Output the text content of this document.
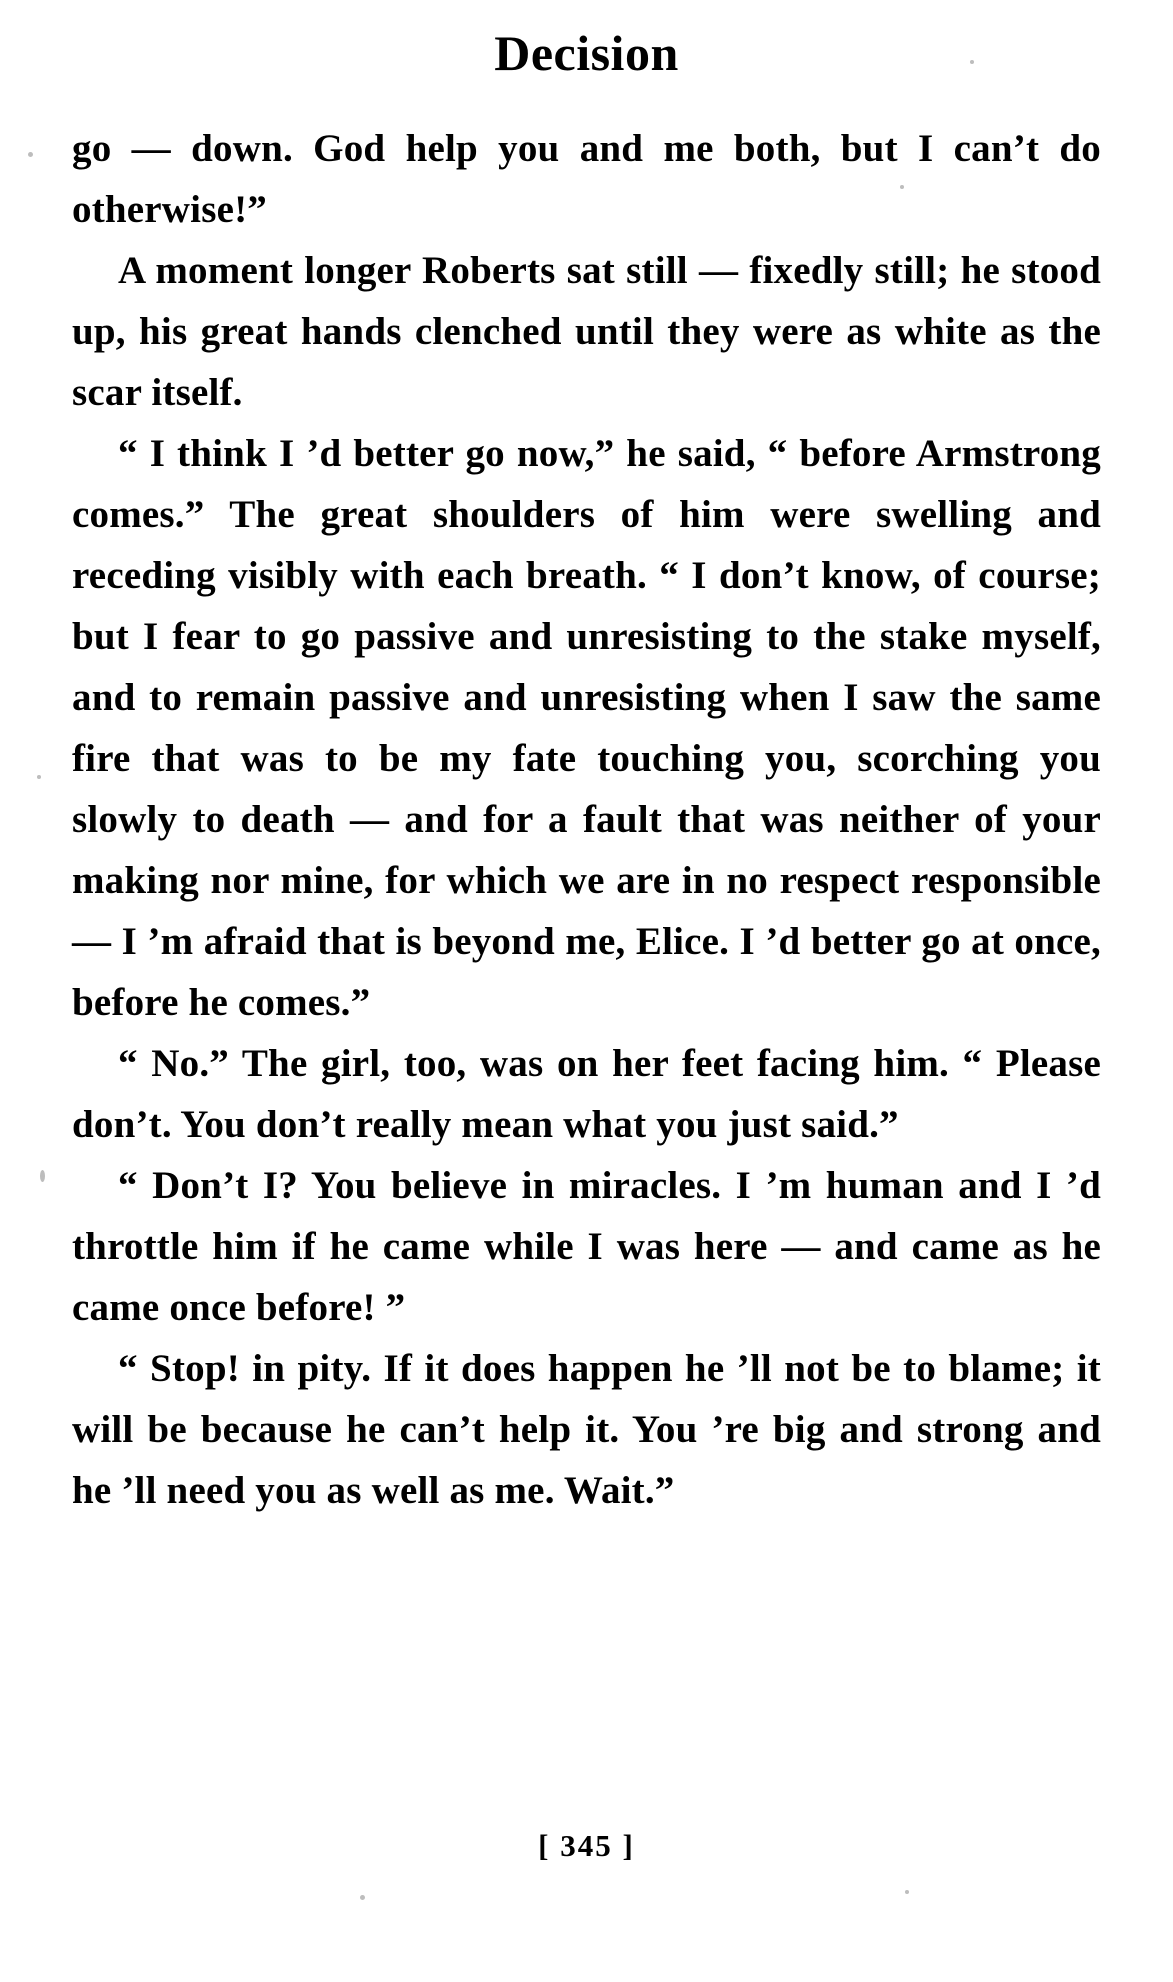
Decision

go — down. God help you and me both, but I can’t do otherwise!”

A moment longer Roberts sat still — fixedly still; he stood up, his great hands clenched until they were as white as the scar itself.

“ I think I ’d better go now,” he said, “ before Armstrong comes.” The great shoulders of him were swelling and receding visibly with each breath. “ I don’t know, of course; but I fear to go passive and unresisting to the stake myself, and to remain passive and unresisting when I saw the same fire that was to be my fate touching you, scorching you slowly to death — and for a fault that was neither of your making nor mine, for which we are in no respect responsible — I ’m afraid that is beyond me, Elice. I ’d better go at once, before he comes.”

“ No.” The girl, too, was on her feet facing him. “ Please don’t. You don’t really mean what you just said.”

“ Don’t I? You believe in miracles. I ’m human and I ’d throttle him if he came while I was here — and came as he came once before! ”

“ Stop! in pity. If it does happen he ’ll not be to blame; it will be because he can’t help it. You ’re big and strong and he ’ll need you as well as me. Wait.”

[ 345 ]
